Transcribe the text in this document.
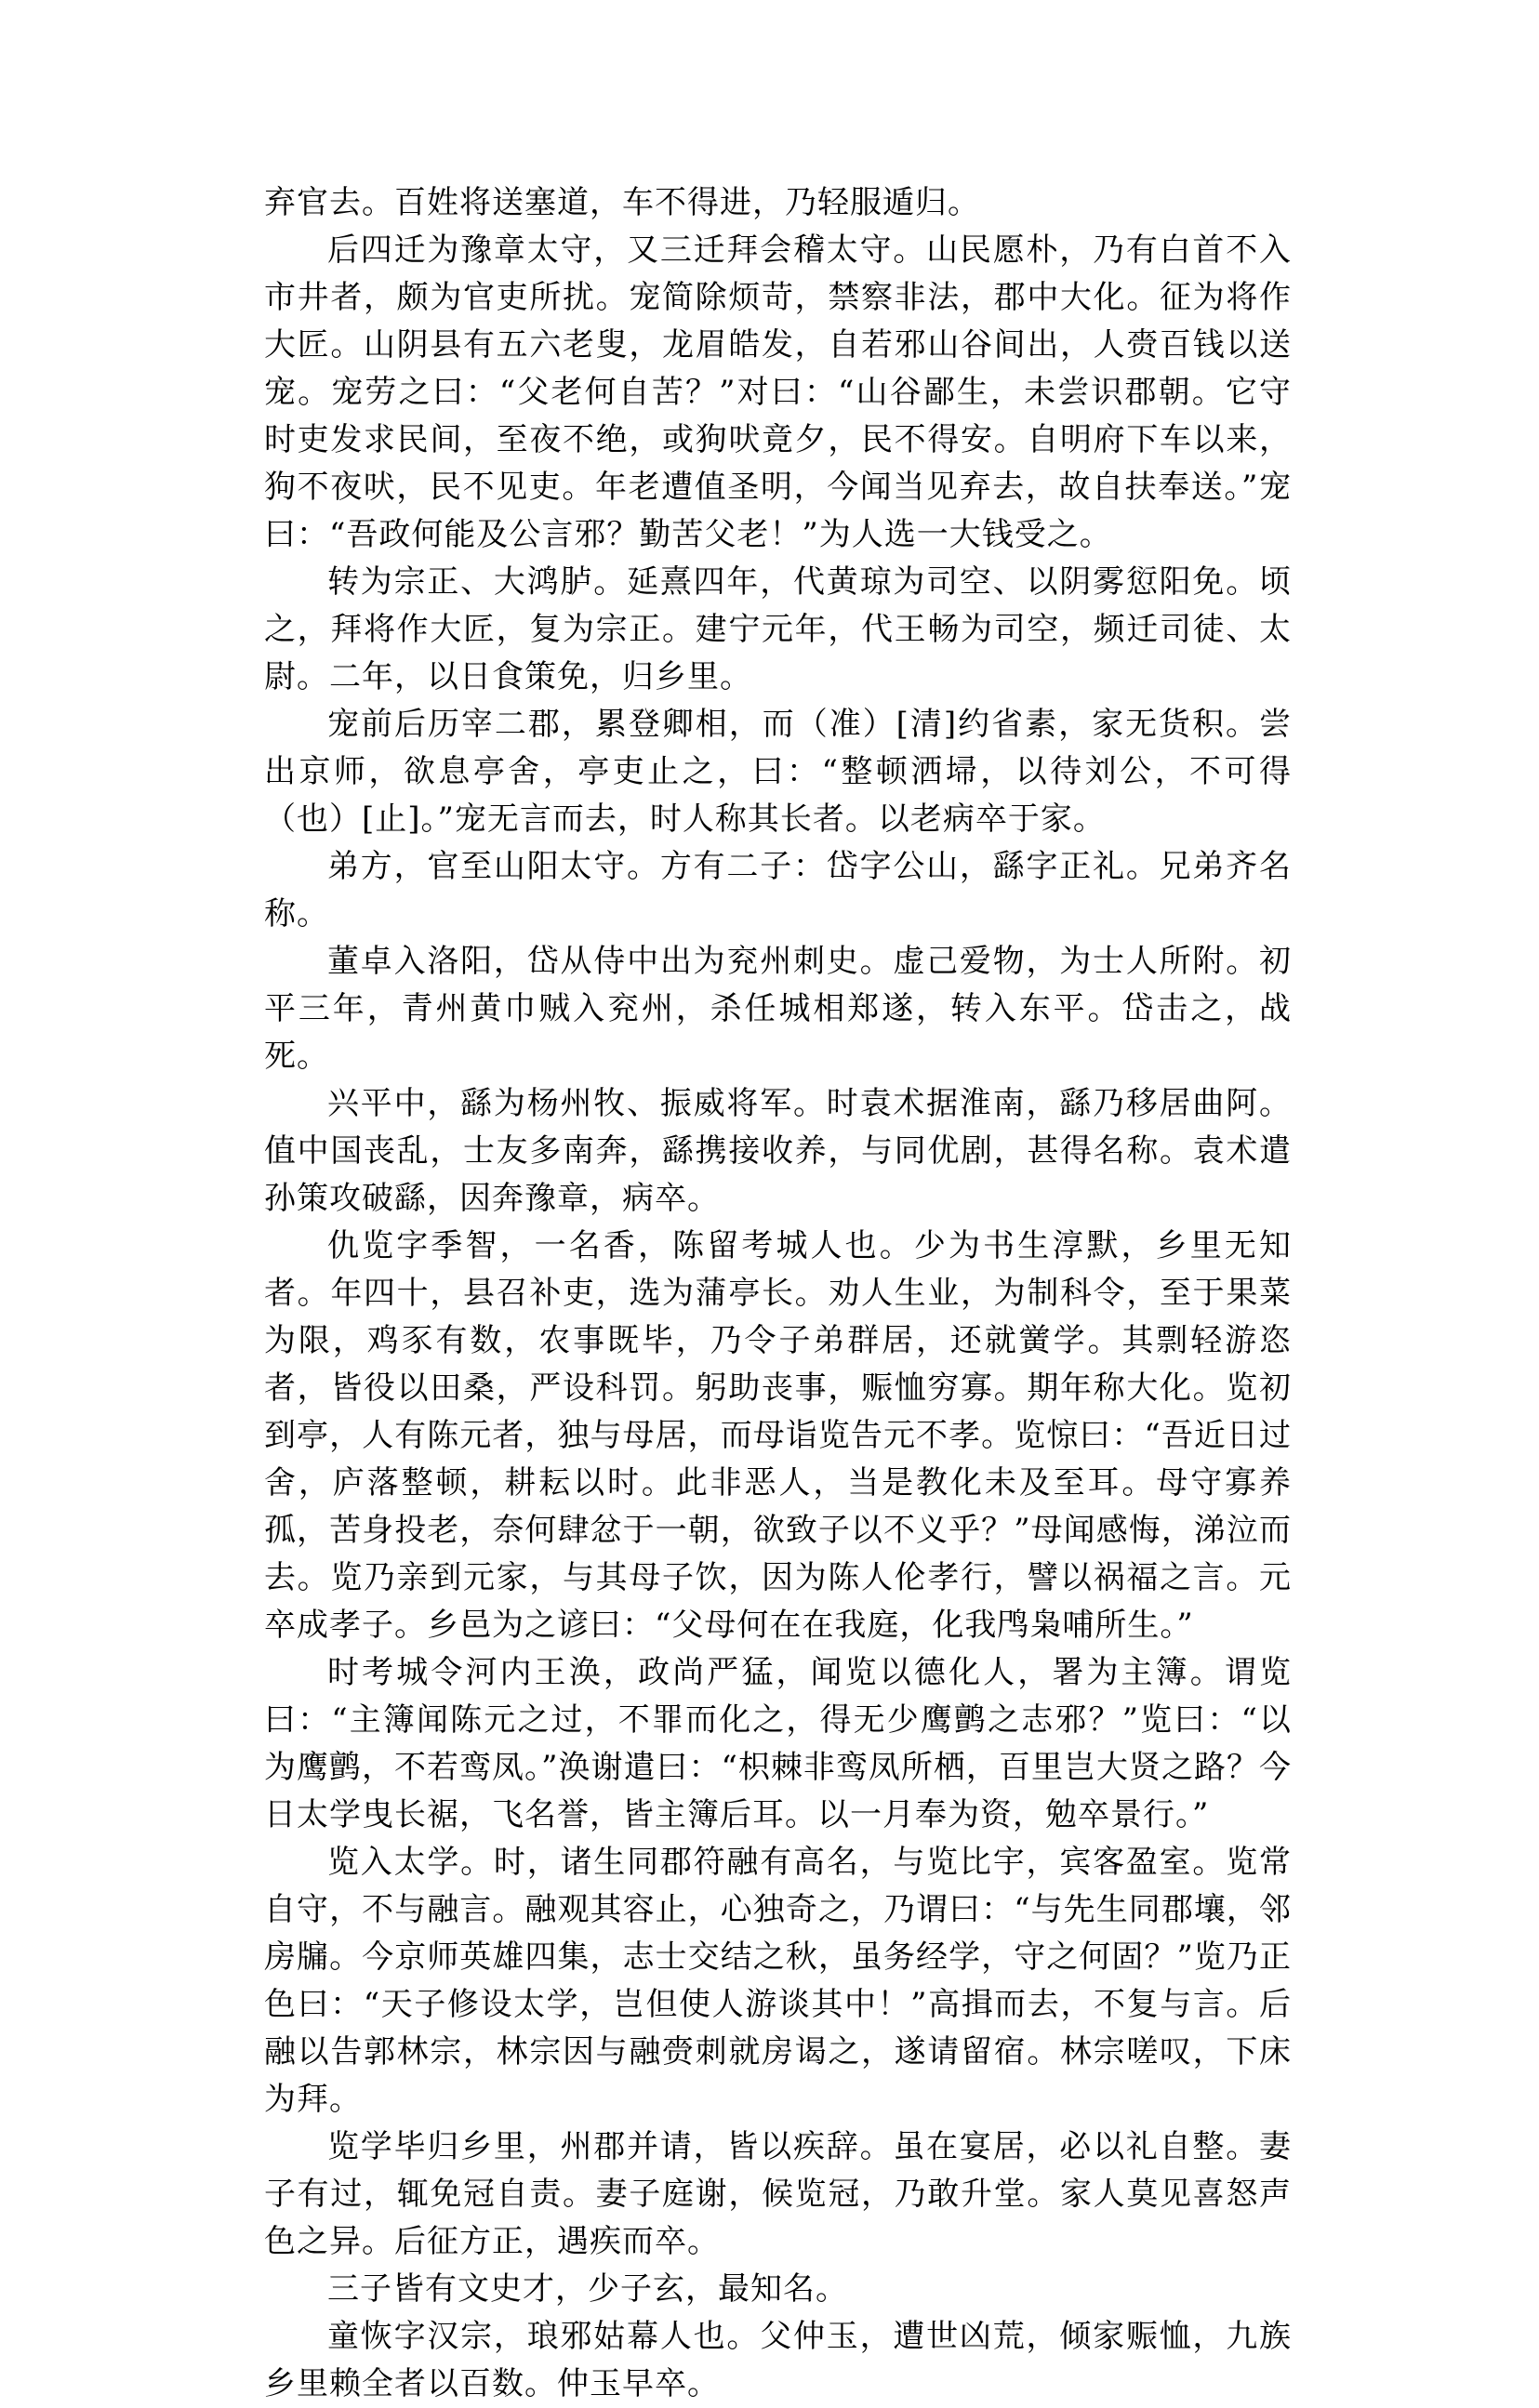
弃官去。百姓将送塞道，车不得进，乃轻服遁归。

后四迁为豫章太守，又三迁拜会稽太守。山民愿朴，乃有白首不入市井者，颇为官吏所扰。宠简除烦苛，禁察非法，郡中大化。征为将作大匠。山阴县有五六老叟，龙眉皓发，自若邪山谷间出，人赍百钱以送宠。宠劳之曰：“父老何自苦？”对曰：“山谷鄙生，未尝识郡朝。它守时吏发求民间，至夜不绝，或狗吠竟夕，民不得安。自明府下车以来，狗不夜吠，民不见吏。年老遭值圣明，今闻当见弃去，故自扶奉送。”宠曰：“吾政何能及公言邪？勤苦父老！”为人选一大钱受之。

转为宗正、大鸿胪。延熹四年，代黄琼为司空、以阴雾愆阳免。顷之，拜将作大匠，复为宗正。建宁元年，代王畅为司空，频迁司徒、太尉。二年，以日食策免，归乡里。

宠前后历宰二郡，累登卿相，而（准）[清]约省素，家无货积。尝出京师，欲息亭舍，亭吏止之，曰：“整顿洒埽，以待刘公，不可得（也）[止]。”宠无言而去，时人称其长者。以老病卒于家。

弟方，官至山阳太守。方有二子：岱字公山，繇字正礼。兄弟齐名称。

董卓入洛阳，岱从侍中出为兖州刺史。虚己爱物，为士人所附。初平三年，青州黄巾贼入兖州，杀任城相郑遂，转入东平。岱击之，战死。

兴平中，繇为杨州牧、振威将军。时袁术据淮南，繇乃移居曲阿。值中国丧乱，士友多南奔，繇携接收养，与同优剧，甚得名称。袁术遣孙策攻破繇，因奔豫章，病卒。

仇览字季智，一名香，陈留考城人也。少为书生淳默，乡里无知者。年四十，县召补吏，选为蒲亭长。劝人生业，为制科令，至于果菜为限，鸡豕有数，农事既毕，乃令子弟群居，还就黉学。其剽轻游恣者，皆役以田桑，严设科罚。躬助丧事，赈恤穷寡。期年称大化。览初到亭，人有陈元者，独与母居，而母诣览告元不孝。览惊曰：“吾近日过舍，庐落整顿，耕耘以时。此非恶人，当是教化未及至耳。母守寡养孤，苦身投老，奈何肆忿于一朝，欲致子以不义乎？”母闻感悔，涕泣而去。览乃亲到元家，与其母子饮，因为陈人伦孝行，譬以祸福之言。元卒成孝子。乡邑为之谚曰：“父母何在在我庭，化我鸤枭哺所生。”

时考城令河内王涣，政尚严猛，闻览以德化人，署为主簿。谓览曰：“主簿闻陈元之过，不罪而化之，得无少鹰鹯之志邪？”览曰：“以为鹰鹯，不若鸾凤。”涣谢遣曰：“枳棘非鸾凤所栖，百里岂大贤之路？今日太学曳长裾，飞名誉，皆主簿后耳。以一月奉为资，勉卒景行。”

览入太学。时，诸生同郡符融有高名，与览比宇，宾客盈室。览常自守，不与融言。融观其容止，心独奇之，乃谓曰：“与先生同郡壤，邻房牖。今京师英雄四集，志士交结之秋，虽务经学，守之何固？”览乃正色曰：“天子修设太学，岂但使人游谈其中！”高揖而去，不复与言。后融以告郭林宗，林宗因与融赍刺就房谒之，遂请留宿。林宗嗟叹，下床为拜。

览学毕归乡里，州郡并请，皆以疾辞。虽在宴居，必以礼自整。妻子有过，辄免冠自责。妻子庭谢，候览冠，乃敢升堂。家人莫见喜怒声色之异。后征方正，遇疾而卒。

三子皆有文史才，少子玄，最知名。

童恢字汉宗，琅邪姑幕人也。父仲玉，遭世凶荒，倾家赈恤，九族乡里赖全者以百数。仲玉早卒。
